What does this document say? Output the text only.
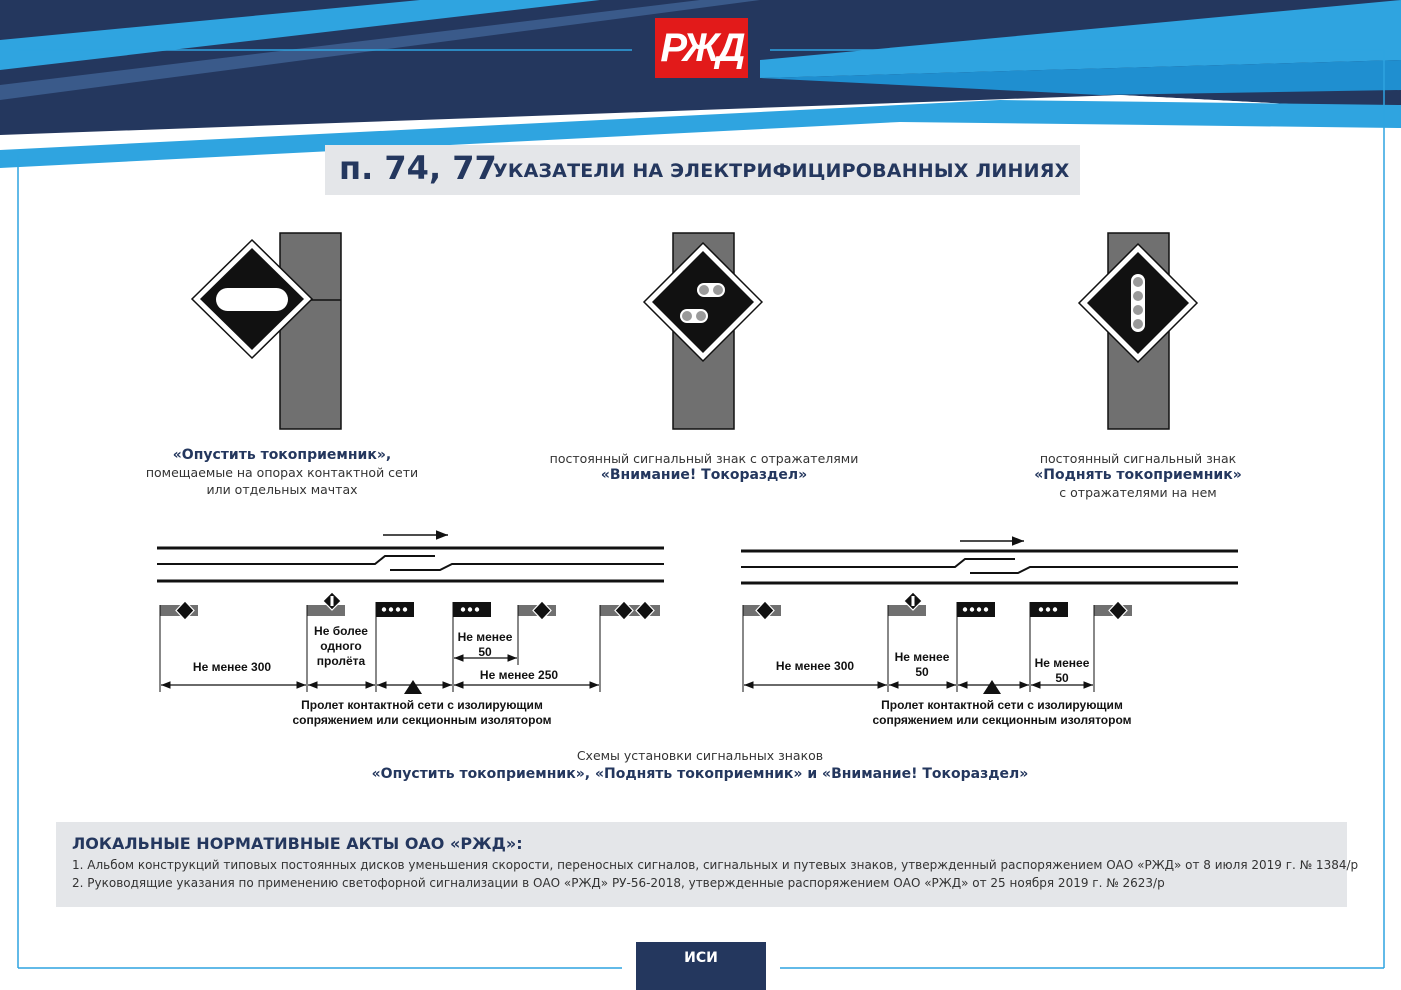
РЖД
п. 74, 77
УКАЗАТЕЛИ НА ЭЛЕКТРИФИЦИРОВАННЫХ ЛИНИЯХ
«Опустить токоприемник»,
помещаемые на опорах контактной сети
или отдельных мачтах
постоянный сигнальный знак с отражателями
«Внимание! Токораздел»
постоянный сигнальный знак
«Поднять токоприемник»
с отражателями на нем
Не менее 300
Не более
одного
пролёта
Не менее
50
Не менее 250
Пролет контактной сети с изолирующим
сопряжением или секционным изолятором
Не менее 300
Не менее
50
Не менее
50
Пролет контактной сети с изолирующим
сопряжением или секционным изолятором
Схемы установки сигнальных знаков
«Опустить токоприемник», «Поднять токоприемник» и «Внимание! Токораздел»
ЛОКАЛЬНЫЕ НОРМАТИВНЫЕ АКТЫ ОАО «РЖД»:
1. Альбом конструкций типовых постоянных дисков уменьшения скорости, переносных сигналов, сигнальных и путевых знаков, утвержденный распоряжением ОАО «РЖД» от 8 июля 2019 г. № 1384/р
2. Руководящие указания по применению светофорной сигнализации в ОАО «РЖД» РУ-56-2018, утвержденные распоряжением ОАО «РЖД» от 25 ноября 2019 г. № 2623/р
ИСИ
